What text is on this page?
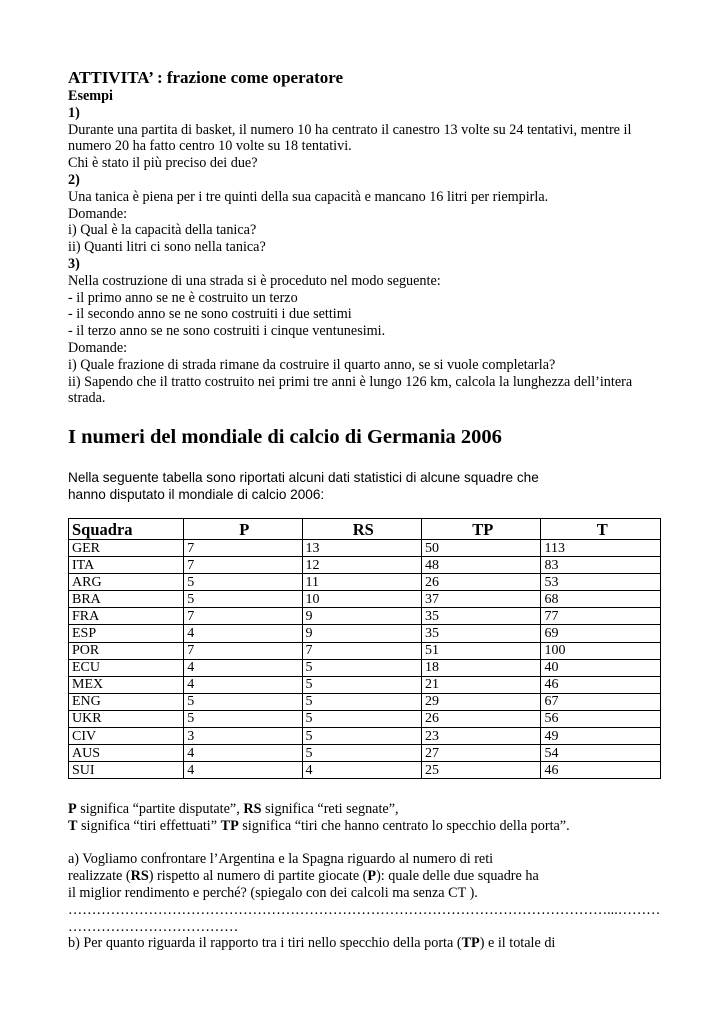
ATTIVITA’ : frazione come operatore

Esempi

1)

Durante una partita di basket, il numero 10 ha centrato il canestro 13 volte su 24 tentativi, mentre il

numero 20 ha fatto centro 10 volte su 18 tentativi.

Chi è stato il più preciso dei due?

2)

Una tanica è piena per i tre quinti della sua capacità e mancano 16 litri per riempirla.

Domande:

i) Qual è la capacità della tanica?

ii) Quanti litri ci sono nella tanica?

3)

Nella costruzione di una strada si è proceduto nel modo seguente:

- il primo anno se ne è costruito un terzo

- il secondo anno se ne sono costruiti i due settimi

- il terzo anno se ne sono costruiti i cinque ventunesimi.

Domande:

i) Quale frazione di strada rimane da costruire il quarto anno, se si vuole completarla?

ii) Sapendo che il tratto costruito nei primi tre anni è lungo 126 km, calcola la lunghezza dell’intera

strada.

I numeri del mondiale di calcio di Germania 2006

Nella seguente tabella sono riportati alcuni dati statistici di alcune squadre che

hanno disputato il mondiale di calcio 2006:

Squadra	P	RS	TP	T
GER	7	13	50	113
ITA	7	12	48	83
ARG	5	11	26	53
BRA	5	10	37	68
FRA	7	9	35	77
ESP	4	9	35	69
POR	7	7	51	100
ECU	4	5	18	40
MEX	4	5	21	46
ENG	5	5	29	67
UKR	5	5	26	56
CIV	3	5	23	49
AUS	4	5	27	54
SUI	4	4	25	46

P significa “partite disputate”, RS significa “reti segnate”,

T significa “tiri effettuati” TP significa “tiri che hanno centrato lo specchio della porta”.

a) Vogliamo confrontare l’Argentina e la Spagna riguardo al numero di reti

realizzate (RS) rispetto al numero di partite giocate (P): quale delle due squadre ha

il miglior rendimento e perché? (spiegalo con dei calcoli ma senza CT ).

……………………………………………………………………………………………………...………

………………………………

b) Per quanto riguarda il rapporto tra i tiri nello specchio della porta (TP) e il totale di
